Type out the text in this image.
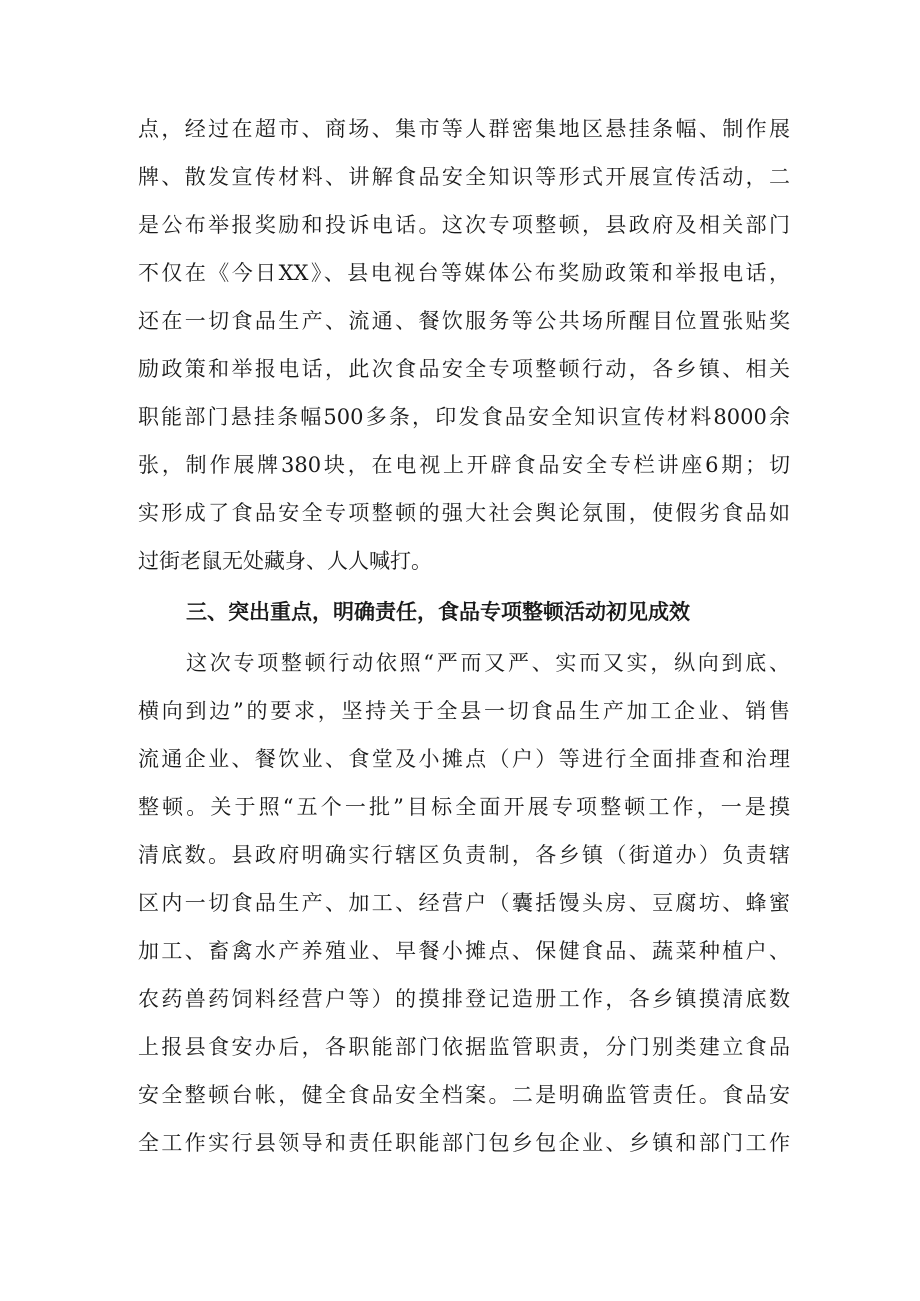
点，经过在超市、商场、集市等人群密集地区悬挂条幅、制作展
牌、散发宣传材料、讲解食品安全知识等形式开展宣传活动，二
是公布举报奖励和投诉电话。这次专项整顿，县政府及相关部门
不仅在《今日XX》、县电视台等媒体公布奖励政策和举报电话，
还在一切食品生产、流通、餐饮服务等公共场所醒目位置张贴奖
励政策和举报电话，此次食品安全专项整顿行动，各乡镇、相关
职能部门悬挂条幅500多条，印发食品安全知识宣传材料8000余
张，制作展牌380块，在电视上开辟食品安全专栏讲座6期；切
实形成了食品安全专项整顿的强大社会舆论氛围，使假劣食品如
过街老鼠无处藏身、人人喊打。
三、突出重点，明确责任，食品专项整顿活动初见成效
这次专项整顿行动依照“严而又严、实而又实，纵向到底、
横向到边”的要求，坚持关于全县一切食品生产加工企业、销售
流通企业、餐饮业、食堂及小摊点（户）等进行全面排查和治理
整顿。关于照“五个一批”目标全面开展专项整顿工作，一是摸
清底数。县政府明确实行辖区负责制，各乡镇（街道办）负责辖
区内一切食品生产、加工、经营户（囊括馒头房、豆腐坊、蜂蜜
加工、畜禽水产养殖业、早餐小摊点、保健食品、蔬菜种植户、
农药兽药饲料经营户等）的摸排登记造册工作，各乡镇摸清底数
上报县食安办后，各职能部门依据监管职责，分门别类建立食品
安全整顿台帐，健全食品安全档案。二是明确监管责任。食品安
全工作实行县领导和责任职能部门包乡包企业、乡镇和部门工作
